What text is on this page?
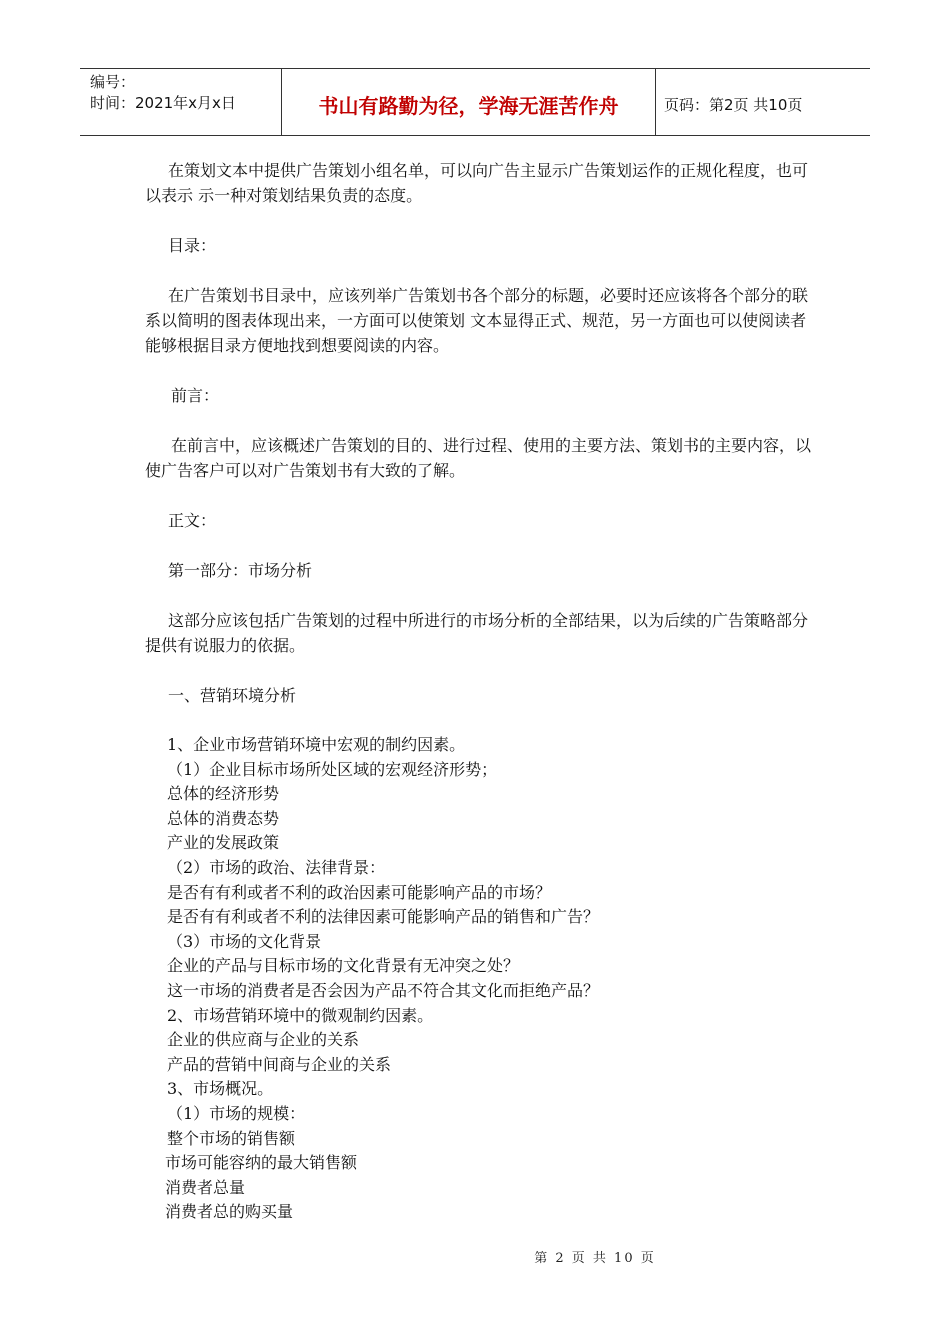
编号：
时间：2021年x月x日	书山有路勤为径，学海无涯苦作舟	页码：第2页 共10页

在策划文本中提供广告策划小组名单，可以向广告主显示广告策划运作的正规化程度，也可以表示 示一种对策划结果负责的态度。

目录：

在广告策划书目录中，应该列举广告策划书各个部分的标题，必要时还应该将各个部分的联系以简明的图表体现出来，一方面可以使策划 文本显得正式、规范，另一方面也可以使阅读者能够根据目录方便地找到想要阅读的内容。

前言：

在前言中，应该概述广告策划的目的、进行过程、使用的主要方法、策划书的主要内容，以使广告客户可以对广告策划书有大致的了解。

正文：

第一部分：市场分析

这部分应该包括广告策划的过程中所进行的市场分析的全部结果，以为后续的广告策略部分提供有说服力的依据。

一、营销环境分析

1、企业市场营销环境中宏观的制约因素。

（1）企业目标市场所处区域的宏观经济形势；

总体的经济形势

总体的消费态势

产业的发展政策

（2）市场的政治、法律背景：

是否有有利或者不利的政治因素可能影响产品的市场？

是否有有利或者不利的法律因素可能影响产品的销售和广告？

（3）市场的文化背景

企业的产品与目标市场的文化背景有无冲突之处？

这一市场的消费者是否会因为产品不符合其文化而拒绝产品？

2、市场营销环境中的微观制约因素。

企业的供应商与企业的关系

产品的营销中间商与企业的关系

3、市场概况。

（1）市场的规模：

整个市场的销售额

市场可能容纳的最大销售额

消费者总量

消费者总的购买量

第 2 页 共 10 页
